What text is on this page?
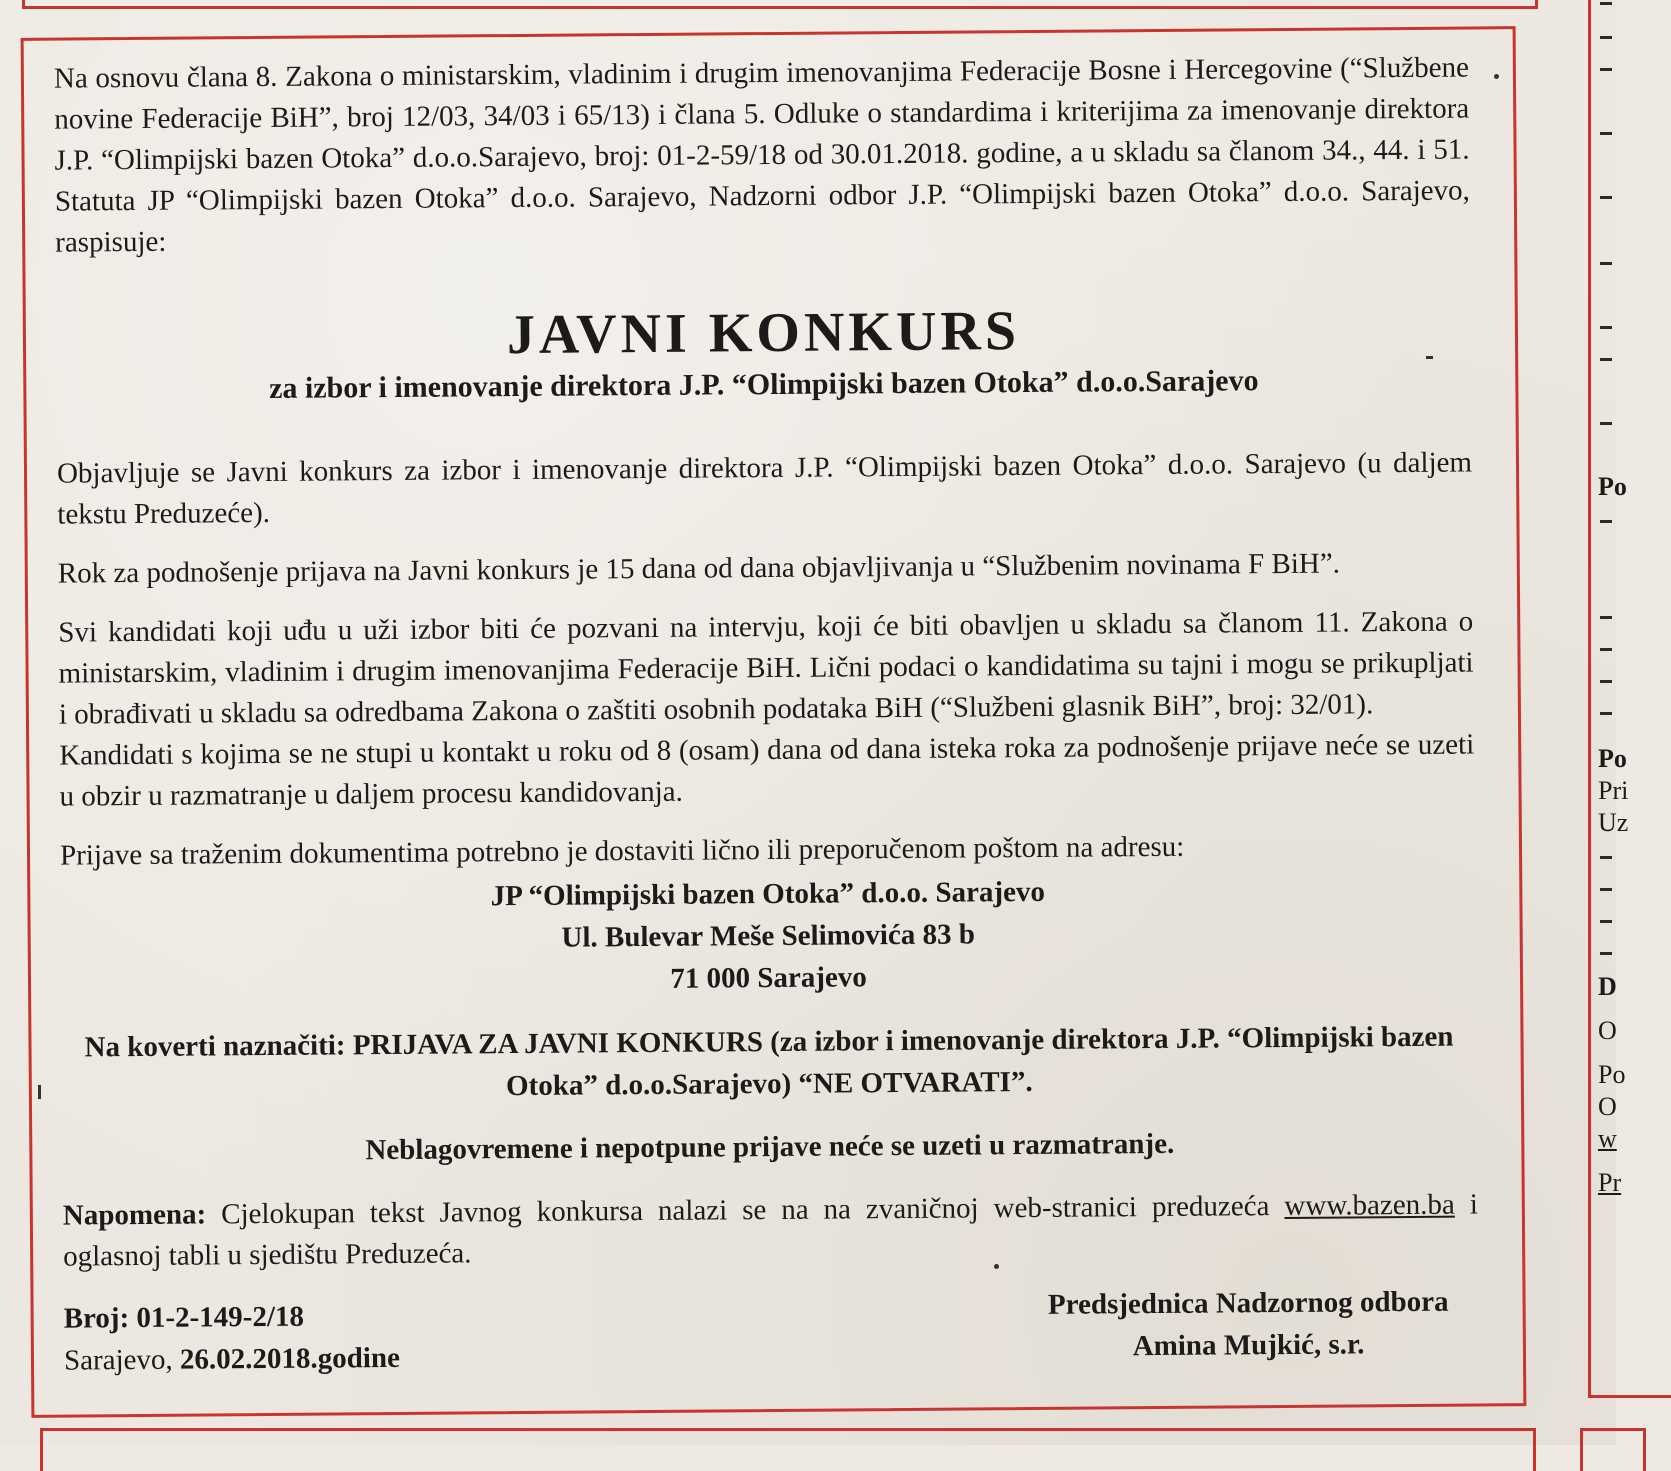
Po
Po
Pri
Uz
D
O
Po
O
w
Pr

Na osnovu člana 8. Zakona o ministarskim, vladinim i drugim imenovanjima Federacije Bosne i Hercegovine (“Službene novine Federacije BiH”, broj 12/03, 34/03 i 65/13) i člana 5. Odluke o standardima i kriterijima za imenovanje direktora J.P. “Olimpijski bazen Otoka” d.o.o.Sarajevo, broj: 01-2-59/18 od 30.01.2018. godine, a u skladu sa članom 34., 44. i 51. Statuta JP “Olimpijski bazen Otoka” d.o.o. Sarajevo, Nadzorni odbor J.P. “Olimpijski bazen Otoka” d.o.o. Sarajevo, raspisuje:

JAVNI KONKURS

za izbor i imenovanje direktora J.P. “Olimpijski bazen Otoka” d.o.o.Sarajevo

Objavljuje se Javni konkurs za izbor i imenovanje direktora J.P. “Olimpijski bazen Otoka” d.o.o. Sarajevo (u daljem tekstu Preduzeće).

Rok za podnošenje prijava na Javni konkurs je 15 dana od dana objavljivanja u “Službenim novinama F BiH”.

Svi kandidati koji uđu u uži izbor biti će pozvani na intervju, koji će biti obavljen u skladu sa članom 11. Zakona o ministarskim, vladinim i drugim imenovanjima Federacije BiH. Lični podaci o kandidatima su tajni i mogu se prikupljati i obrađivati u skladu sa odredbama Zakona o zaštiti osobnih podataka BiH (“Službeni glasnik BiH”, broj: 32/01).

Kandidati s kojima se ne stupi u kontakt u roku od 8 (osam) dana od dana isteka roka za podnošenje prijave neće se uzeti u obzir u razmatranje u daljem procesu kandidovanja.

Prijave sa traženim dokumentima potrebno je dostaviti lično ili preporučenom poštom na adresu:

JP “Olimpijski bazen Otoka” d.o.o. Sarajevo

Ul. Bulevar Meše Selimovića 83 b

71 000 Sarajevo

Na koverti naznačiti: PRIJAVA ZA JAVNI KONKURS (za izbor i imenovanje direktora J.P. “Olimpijski bazen Otoka” d.o.o.Sarajevo) “NE OTVARATI”.

Neblagovremene i nepotpune prijave neće se uzeti u razmatranje.

Napomena: Cjelokupan tekst Javnog konkursa nalazi se na na zvaničnoj web-stranici preduzeća www.bazen.ba i oglasnoj tabli u sjedištu Preduzeća.

Broj: 01-2-149-2/18
Sarajevo, 26.02.2018.godine
Predsjednica Nadzornog odbora
Amina Mujkić, s.r.
